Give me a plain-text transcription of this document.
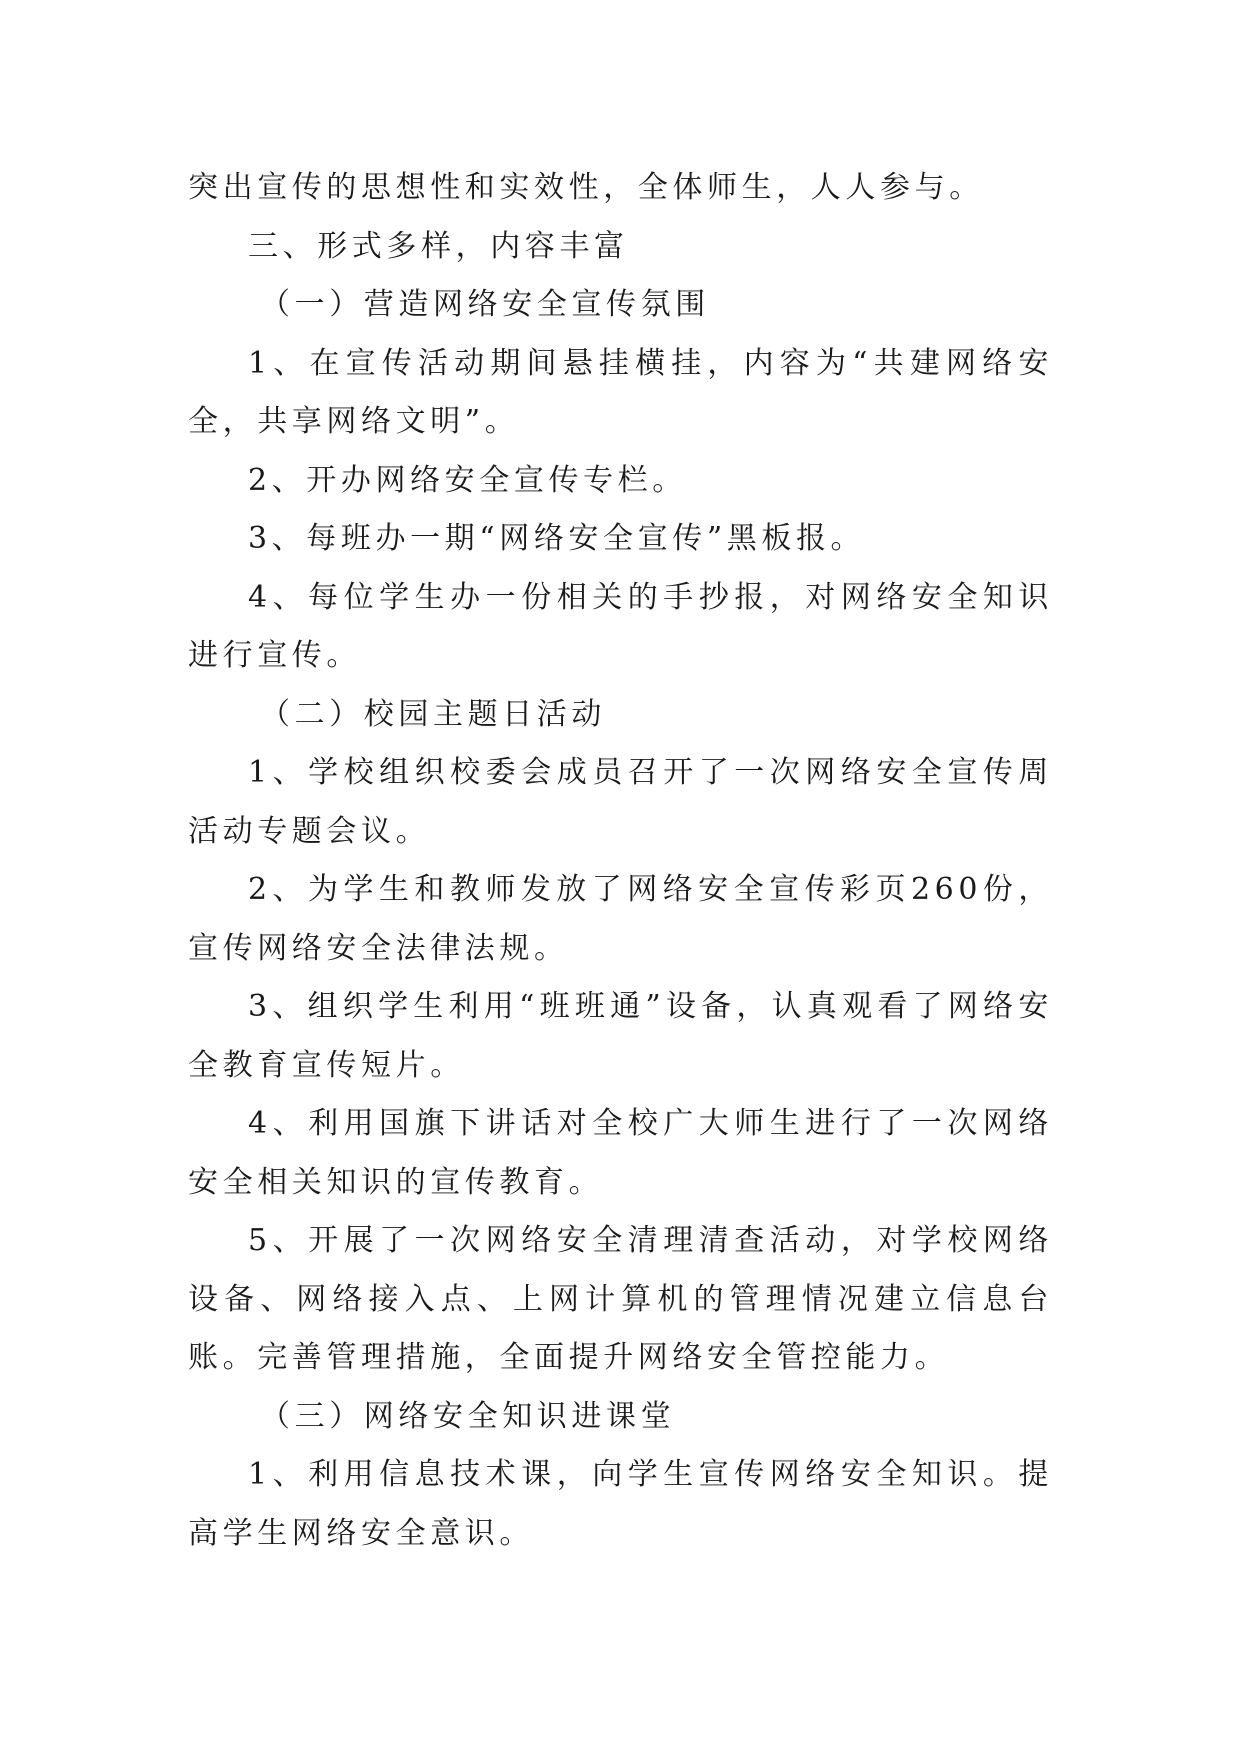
突出宣传的思想性和实效性，全体师生，人人参与。

三、形式多样，内容丰富

（一）营造网络安全宣传氛围

1、在宣传活动期间悬挂横挂，内容为“共建网络安全，共享网络文明”。

2、开办网络安全宣传专栏。

3、每班办一期“网络安全宣传”黑板报。

4、每位学生办一份相关的手抄报，对网络安全知识进行宣传。

（二）校园主题日活动

1、学校组织校委会成员召开了一次网络安全宣传周活动专题会议。

2、为学生和教师发放了网络安全宣传彩页260份，宣传网络安全法律法规。

3、组织学生利用“班班通”设备，认真观看了网络安全教育宣传短片。

4、利用国旗下讲话对全校广大师生进行了一次网络安全相关知识的宣传教育。

5、开展了一次网络安全清理清查活动，对学校网络设备、网络接入点、上网计算机的管理情况建立信息台账。完善管理措施，全面提升网络安全管控能力。

（三）网络安全知识进课堂

1、利用信息技术课，向学生宣传网络安全知识。提高学生网络安全意识。
